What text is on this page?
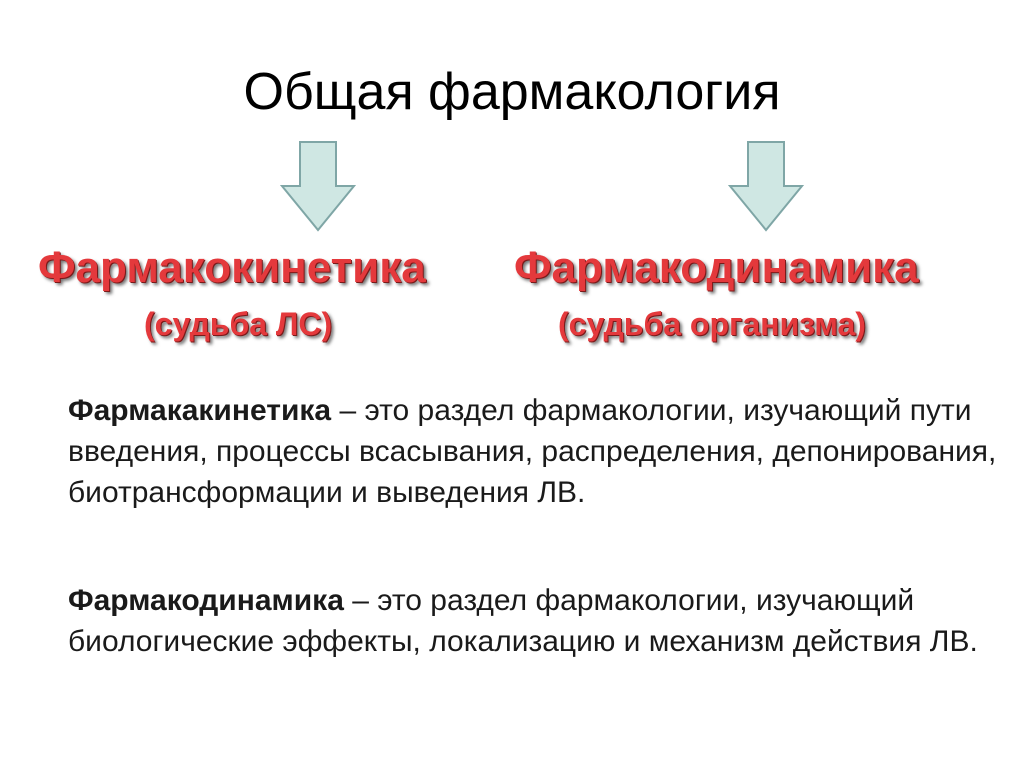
Общая фармакология
Фармакокинетика Фармакодинамика
(судьба ЛС)	(судьба организма)
Фармакакинетика – это раздел фармакологии, изучающий пути введения, процессы всасывания, распределения, депонирования, биотрансформации и выведения ЛВ.
Фармакодинамика – это раздел фармакологии, изучающий биологические эффекты, локализацию и механизм действия ЛВ.
